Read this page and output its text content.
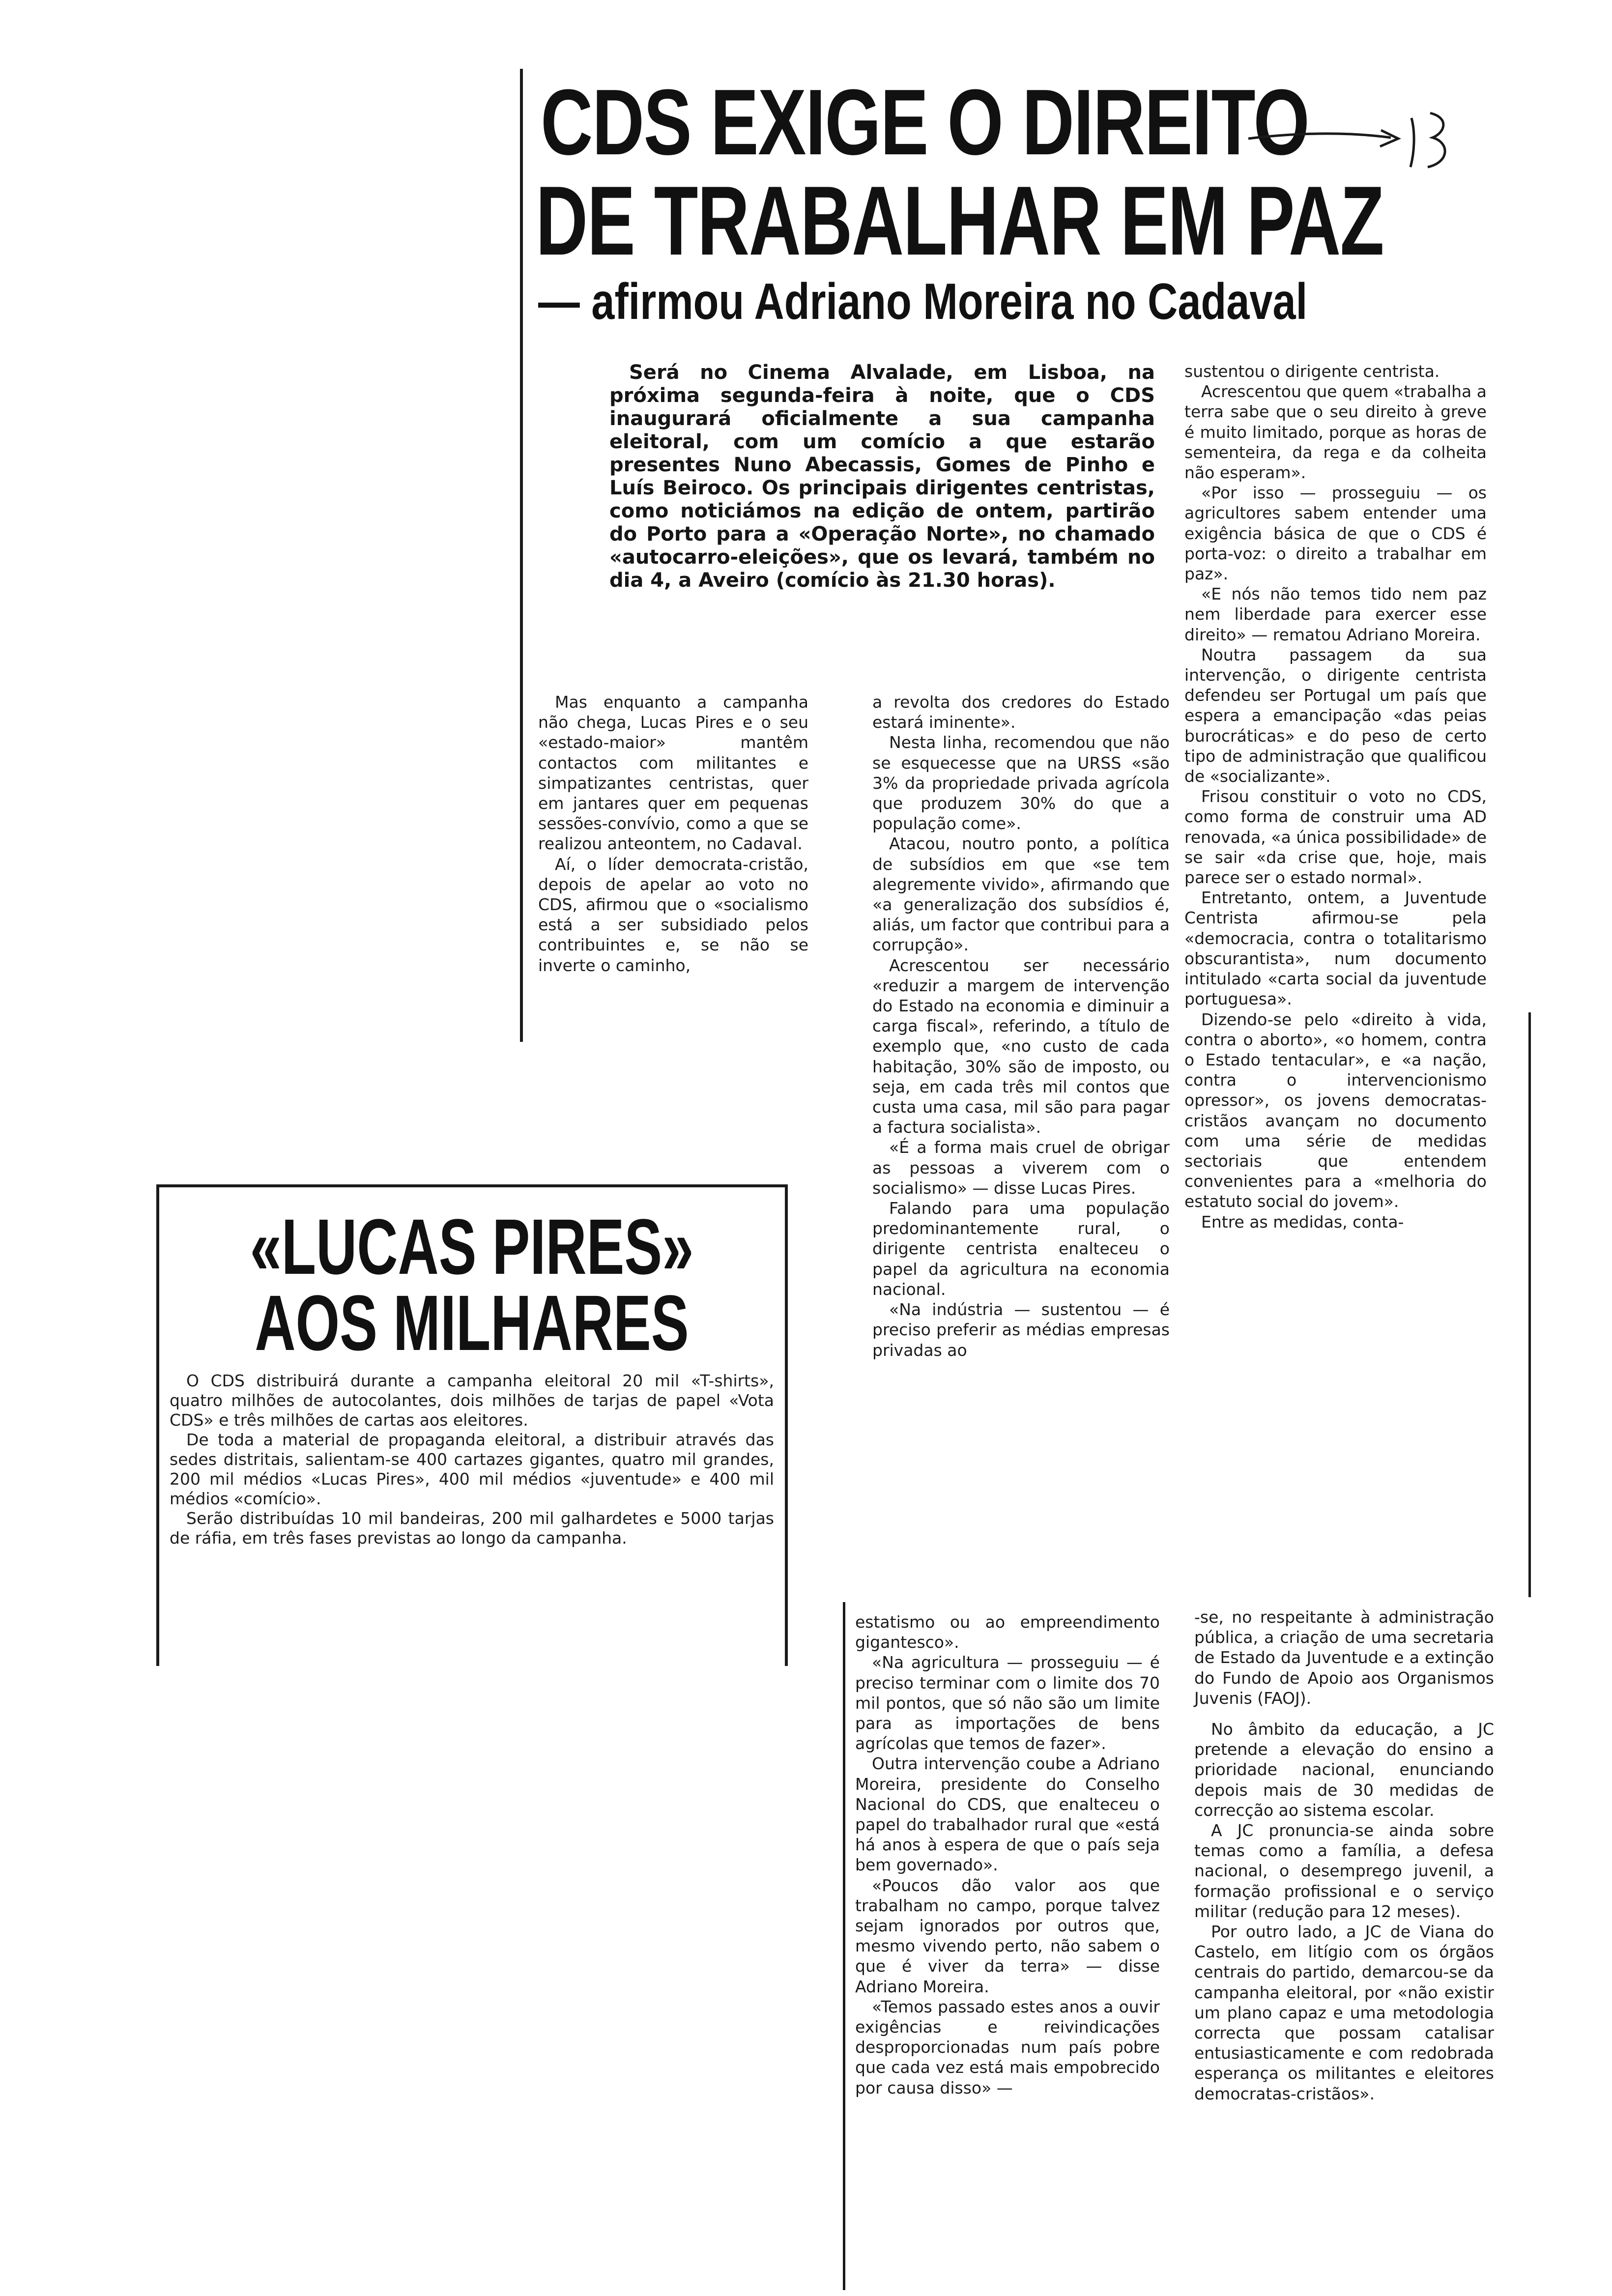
CDS EXIGE O DIREITO
DE TRABALHAR EM PAZ
— afirmou Adriano Moreira no Cadaval
Será no Cinema Alvalade, em Lisboa, na próxima segunda-feira à noite, que o CDS inaugurará oficialmente a sua campanha eleitoral, com um comício a que estarão presentes Nuno Abecassis, Gomes de Pinho e Luís Beiroco. Os principais dirigentes centristas, como noticiámos na edição de ontem, partirão do Porto para a «Operação Norte», no chamado «autocarro-eleições», que os levará, também no dia 4, a Aveiro (comício às 21.30 horas).

Mas enquanto a campanha não chega, Lucas Pires e o seu «estado-maior» mantêm contactos com militantes e simpatizantes centristas, quer em jantares quer em pequenas sessões-convívio, como a que se realizou anteontem, no Cadaval.

Aí, o líder democrata-cristão, depois de apelar ao voto no CDS, afirmou que o «socialismo está a ser subsidiado pelos contribuintes e, se não se inverte o caminho,

a revolta dos credores do Estado estará iminente».

Nesta linha, recomendou que não se esquecesse que na URSS «são 3% da propriedade privada agrícola que produzem 30% do que a população come».

Atacou, noutro ponto, a política de subsídios em que «se tem alegremente vivido», afirmando que «a generalização dos subsídios é, aliás, um factor que contribui para a corrupção».

Acrescentou ser necessário «reduzir a margem de intervenção do Estado na economia e diminuir a carga fiscal», referindo, a título de exemplo que, «no custo de cada habitação, 30% são de imposto, ou seja, em cada três mil contos que custa uma casa, mil são para pagar a factura socialista».

«É a forma mais cruel de obrigar as pessoas a viverem com o socialismo» — disse Lucas Pires.

Falando para uma população predominantemente rural, o dirigente centrista enalteceu o papel da agricultura na economia nacional.

«Na indústria — sustentou — é preciso preferir as médias empresas privadas ao

sustentou o dirigente centrista.

Acrescentou que quem «trabalha a terra sabe que o seu direito à greve é muito limitado, porque as horas de sementeira, da rega e da colheita não esperam».

«Por isso — prosseguiu — os agricultores sabem entender uma exigência básica de que o CDS é porta-voz: o direito a trabalhar em paz».

«E nós não temos tido nem paz nem liberdade para exercer esse direito» — rematou Adriano Moreira.

Noutra passagem da sua intervenção, o dirigente centrista defendeu ser Portugal um país que espera a emancipação «das peias burocráticas» e do peso de certo tipo de administração que qualificou de «socializante».

Frisou constituir o voto no CDS, como forma de construir uma AD renovada, «a única possibilidade» de se sair «da crise que, hoje, mais parece ser o estado normal».

Entretanto, ontem, a Juventude Centrista afirmou-se pela «democracia, contra o totalitarismo obscurantista», num documento intitulado «carta social da juventude portuguesa».

Dizendo-se pelo «direito à vida, contra o aborto», «o homem, contra o Estado tentacular», e «a nação, contra o intervencionismo opressor», os jovens democratas-cristãos avançam no documento com uma série de medidas sectoriais que entendem convenientes para a «melhoria do estatuto social do jovem».

Entre as medidas, conta-

estatismo ou ao empreendimento gigantesco».

«Na agricultura — prosseguiu — é preciso terminar com o limite dos 70 mil pontos, que só não são um limite para as importações de bens agrícolas que temos de fazer».

Outra intervenção coube a Adriano Moreira, presidente do Conselho Nacional do CDS, que enalteceu o papel do trabalhador rural que «está há anos à espera de que o país seja bem governado».

«Poucos dão valor aos que trabalham no campo, porque talvez sejam ignorados por outros que, mesmo vivendo perto, não sabem o que é viver da terra» — disse Adriano Moreira.

«Temos passado estes anos a ouvir exigências e reivindicações desproporcionadas num país pobre que cada vez está mais empobrecido por causa disso» —

-se, no respeitante à administração pública, a criação de uma secretaria de Estado da Juventude e a extinção do Fundo de Apoio aos Organismos Juvenis (FAOJ).

No âmbito da educação, a JC pretende a elevação do ensino a prioridade nacional, enunciando depois mais de 30 medidas de correcção ao sistema escolar.

A JC pronuncia-se ainda sobre temas como a família, a defesa nacional, o desemprego juvenil, a formação profissional e o serviço militar (redução para 12 meses).

Por outro lado, a JC de Viana do Castelo, em litígio com os órgãos centrais do partido, demarcou-se da campanha eleitoral, por «não existir um plano capaz e uma metodologia correcta que possam catalisar entusiasticamente e com redobrada esperança os militantes e eleitores democratas-cristãos».

«LUCAS PIRES»
AOS MILHARES

O CDS distribuirá durante a campanha eleitoral 20 mil «T-shirts», quatro milhões de autocolantes, dois milhões de tarjas de papel «Vota CDS» e três milhões de cartas aos eleitores.

De toda a material de propaganda eleitoral, a distribuir através das sedes distritais, salientam-se 400 cartazes gigantes, quatro mil grandes, 200 mil médios «Lucas Pires», 400 mil médios «juventude» e 400 mil médios «comício».

Serão distribuídas 10 mil bandeiras, 200 mil galhardetes e 5000 tarjas de ráfia, em três fases previstas ao longo da campanha.
